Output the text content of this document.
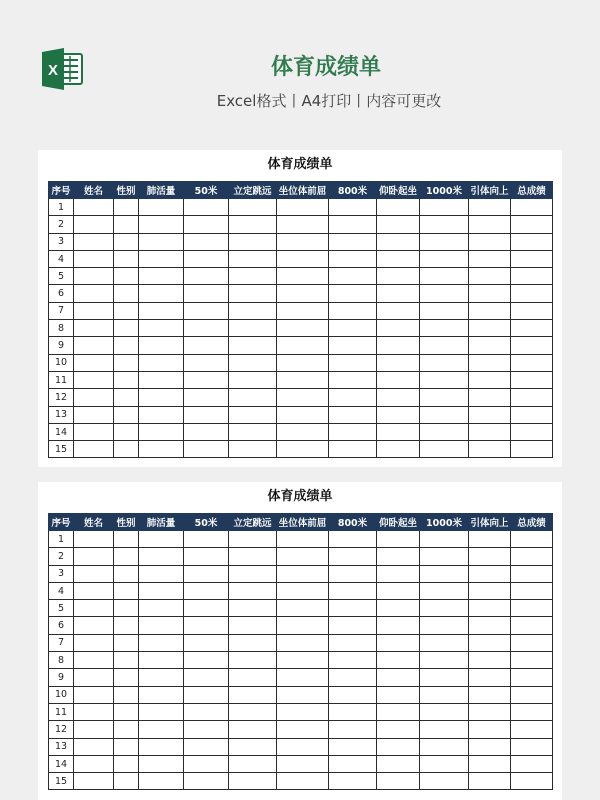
X	体育成绩单
Excel格式丨A4打印丨内容可更改
体育成绩单
序号	姓名	性别	肺活量	50米	立定跳远	坐位体前屈	800米	仰卧起坐	1000米	引体向上	总成绩
1											
2											
3											
4											
5											
6											
7											
8											
9											
10											
11											
12											
13											
14											
15											
体育成绩单
序号	姓名	性别	肺活量	50米	立定跳远	坐位体前屈	800米	仰卧起坐	1000米	引体向上	总成绩
1											
2											
3											
4											
5											
6											
7											
8											
9											
10											
11											
12											
13											
14											
15											
